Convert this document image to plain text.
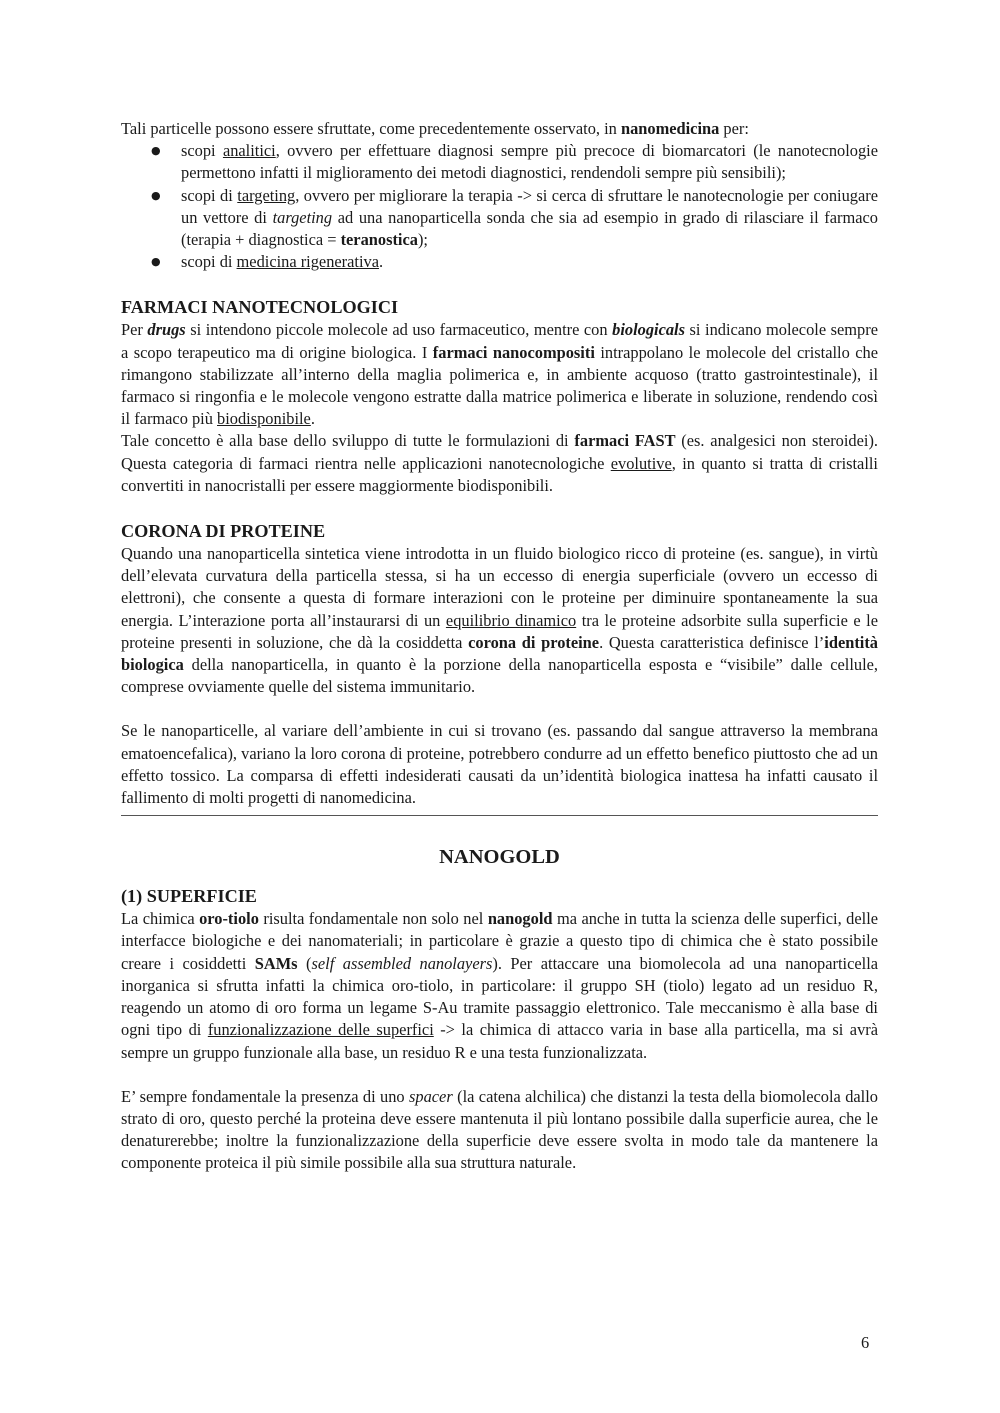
Tali particelle possono essere sfruttate, come precedentemente osservato, in nanomedicina per:

● scopi analitici, ovvero per effettuare diagnosi sempre più precoce di biomarcatori (le nanotecnologie permettono infatti il miglioramento dei metodi diagnostici, rendendoli sempre più sensibili);
● scopi di targeting, ovvero per migliorare la terapia -> si cerca di sfruttare le nanotecnologie per coniugare un vettore di targeting ad una nanoparticella sonda che sia ad esempio in grado di rilasciare il farmaco (terapia + diagnostica = teranostica);
● scopi di medicina rigenerativa.
FARMACI NANOTECNOLOGICI

Per drugs si intendono piccole molecole ad uso farmaceutico, mentre con biologicals si indicano molecole sempre a scopo terapeutico ma di origine biologica. I farmaci nanocompositi intrappolano le molecole del cristallo che rimangono stabilizzate all’interno della maglia polimerica e, in ambiente acquoso (tratto gastrointestinale), il farmaco si ringonfia e le molecole vengono estratte dalla matrice polimerica e liberate in soluzione, rendendo così il farmaco più biodisponibile.

Tale concetto è alla base dello sviluppo di tutte le formulazioni di farmaci FAST (es. analgesici non steroidei). Questa categoria di farmaci rientra nelle applicazioni nanotecnologiche evolutive, in quanto si tratta di cristalli convertiti in nanocristalli per essere maggiormente biodisponibili.

CORONA DI PROTEINE

Quando una nanoparticella sintetica viene introdotta in un fluido biologico ricco di proteine (es. sangue), in virtù dell’elevata curvatura della particella stessa, si ha un eccesso di energia superficiale (ovvero un eccesso di elettroni), che consente a questa di formare interazioni con le proteine per diminuire spontaneamente la sua energia. L’interazione porta all’instaurarsi di un equilibrio dinamico tra le proteine adsorbite sulla superficie e le proteine presenti in soluzione, che dà la cosiddetta corona di proteine. Questa caratteristica definisce l’identità biologica della nanoparticella, in quanto è la porzione della nanoparticella esposta e “visibile” dalle cellule, comprese ovviamente quelle del sistema immunitario.

Se le nanoparticelle, al variare dell’ambiente in cui si trovano (es. passando dal sangue attraverso la membrana ematoencefalica), variano la loro corona di proteine, potrebbero condurre ad un effetto benefico piuttosto che ad un effetto tossico. La comparsa di effetti indesiderati causati da un’identità biologica inattesa ha infatti causato il fallimento di molti progetti di nanomedicina.

NANOGOLD
(1) SUPERFICIE

La chimica oro-tiolo risulta fondamentale non solo nel nanogold ma anche in tutta la scienza delle superfici, delle interfacce biologiche e dei nanomateriali; in particolare è grazie a questo tipo di chimica che è stato possibile creare i cosiddetti SAMs (self assembled nanolayers). Per attaccare una biomolecola ad una nanoparticella inorganica si sfrutta infatti la chimica oro-tiolo, in particolare: il gruppo SH (tiolo) legato ad un residuo R, reagendo un atomo di oro forma un legame S-Au tramite passaggio elettronico. Tale meccanismo è alla base di ogni tipo di funzionalizzazione delle superfici -> la chimica di attacco varia in base alla particella, ma si avrà sempre un gruppo funzionale alla base, un residuo R e una testa funzionalizzata.

E’ sempre fondamentale la presenza di uno spacer (la catena alchilica) che distanzi la testa della biomolecola dallo strato di oro, questo perché la proteina deve essere mantenuta il più lontano possibile dalla superficie aurea, che le denaturerebbe; inoltre la funzionalizzazione della superficie deve essere svolta in modo tale da mantenere la componente proteica il più simile possibile alla sua struttura naturale.

6
